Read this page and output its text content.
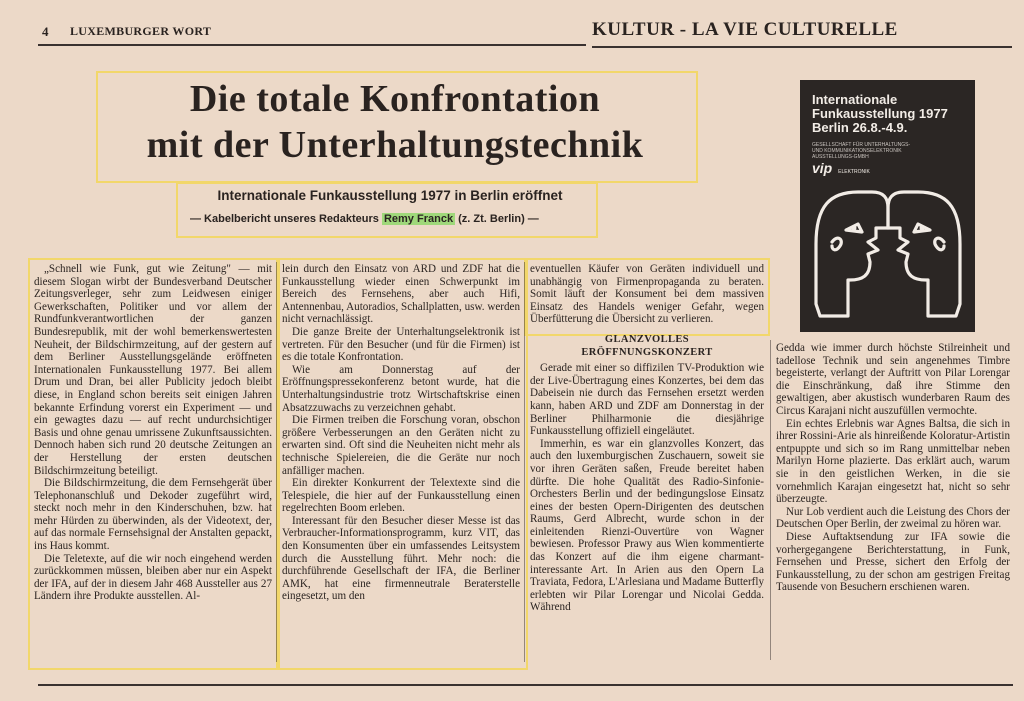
4 LUXEMBURGER WORT	KULTUR - LA VIE CULTURELLE
Die totale Konfrontation
mit der Unterhaltungstechnik
Internationale Funkausstellung 1977 in Berlin eröffnet
— Kabelbericht unseres Redakteurs Remy Franck (z. Zt. Berlin) —

„Schnell wie Funk, gut wie Zeitung" — mit diesem Slogan wirbt der Bundesverband Deutscher Zeitungsverleger, sehr zum Leidwesen einiger Gewerkschaften, Politiker und vor allem der Rundfunkverantwortlichen der ganzen Bundesrepublik, mit der wohl bemerkenswertesten Neuheit, der Bildschirmzeitung, auf der gestern auf dem Berliner Ausstellungsgelände eröffneten Internationalen Funkausstellung 1977. Bei allem Drum und Dran, bei aller Publicity jedoch bleibt diese, in England schon bereits seit einigen Jahren bekannte Erfindung vorerst ein Experiment — und ein gewagtes dazu — auf recht undurchsichtiger Basis und ohne genau umrissene Zukunftsaussichten. Dennoch haben sich rund 20 deutsche Zeitungen an der Herstellung der ersten deutschen Bildschirmzeitung beteiligt.

Die Bildschirmzeitung, die dem Fernsehgerät über Telephonanschluß und Dekoder zugeführt wird, steckt noch mehr in den Kinderschuhen, bzw. hat mehr Hürden zu überwinden, als der Videotext, der, auf das normale Fernsehsignal der Anstalten gepackt, ins Haus kommt.

Die Teletexte, auf die wir noch eingehend werden zurückkommen müssen, bleiben aber nur ein Aspekt der IFA, auf der in diesem Jahr 468 Aussteller aus 27 Ländern ihre Produkte ausstellen. Al-

lein durch den Einsatz von ARD und ZDF hat die Funkausstellung wieder einen Schwerpunkt im Bereich des Fernsehens, aber auch Hifi, Antennenbau, Autoradios, Schallplatten, usw. werden nicht vernachlässigt.

Die ganze Breite der Unterhaltungselektronik ist vertreten. Für den Besucher (und für die Firmen) ist es die totale Konfrontation.

Wie am Donnerstag auf der Eröffnungspressekonferenz betont wurde, hat die Unterhaltungsindustrie trotz Wirtschaftskrise einen Absatzzuwachs zu verzeichnen gehabt.

Die Firmen treiben die Forschung voran, obschon größere Verbesserungen an den Geräten nicht zu erwarten sind. Oft sind die Neuheiten nicht mehr als technische Spielereien, die die Geräte nur noch anfälliger machen.

Ein direkter Konkurrent der Telextexte sind die Telespiele, die hier auf der Funkausstellung einen regelrechten Boom erleben.

Interessant für den Besucher dieser Messe ist das Verbraucher-Informationsprogramm, kurz VIT, das den Konsumenten über ein umfassendes Leitsystem durch die Ausstellung führt. Mehr noch: die durchführende Gesellschaft der IFA, die Berliner AMK, hat eine firmenneutrale Beraterstelle eingesetzt, um den

eventuellen Käufer von Geräten individuell und unabhängig von Firmenpropaganda zu beraten. Somit läuft der Konsument bei dem massiven Einsatz des Handels weniger Gefahr, wegen Überfütterung die Übersicht zu verlieren.

GLANZVOLLES

ERÖFFNUNGSKONZERT

Gerade mit einer so diffizilen TV-Produktion wie der Live-Übertragung eines Konzertes, bei dem das Dabeisein nie durch das Fernsehen ersetzt werden kann, haben ARD und ZDF am Donnerstag in der Berliner Philharmonie die diesjährige Funkausstellung offiziell eingeläutet.

Immerhin, es war ein glanzvolles Konzert, das auch den luxemburgischen Zuschauern, soweit sie vor ihren Geräten saßen, Freude bereitet haben dürfte. Die hohe Qualität des Radio-Sinfonie-Orchesters Berlin und der bedingungslose Einsatz eines der besten Opern-Dirigenten des deutschen Raums, Gerd Albrecht, wurde schon in der einleitenden Rienzi-Ouvertüre von Wagner bewiesen. Professor Prawy aus Wien kommentierte das Konzert auf die ihm eigene charmant-interessante Art. In Arien aus den Opern La Traviata, Fedora, L'Arlesiana und Madame Butterfly erlebten wir Pilar Lorengar und Nicolai Gedda. Während

Gedda wie immer durch höchste Stilreinheit und tadellose Technik und sein angenehmes Timbre begeisterte, verlangt der Auftritt von Pilar Lorengar die Einschränkung, daß ihre Stimme den gewaltigen, aber akustisch wunderbaren Raum des Circus Karajani nicht auszufüllen vermochte.

Ein echtes Erlebnis war Agnes Baltsa, die sich in ihrer Rossini-Arie als hinreißende Koloratur-Artistin entpuppte und sich so im Rang unmittelbar neben Marilyn Horne plazierte. Das erklärt auch, warum sie in den geistlichen Werken, in die sie vornehmlich Karajan eingesetzt hat, nicht so sehr überzeugte.

Nur Lob verdient auch die Leistung des Chors der Deutschen Oper Berlin, der zweimal zu hören war.

Diese Auftaktsendung zur IFA sowie die vorhergegangene Berichterstattung, in Funk, Fernsehen und Presse, sichert den Erfolg der Funkausstellung, zu der schon am gestrigen Freitag Tausende von Besuchern erschienen waren.

Internationale
Funkausstellung 1977
Berlin 26.8.-4.9.
GESELLSCHAFT FÜR UNTERHALTUNGS-
UND KOMMUNIKATIONSELEKTRONIK
AUSSTELLUNGS-GMBH
vip ELEKTRONIK
